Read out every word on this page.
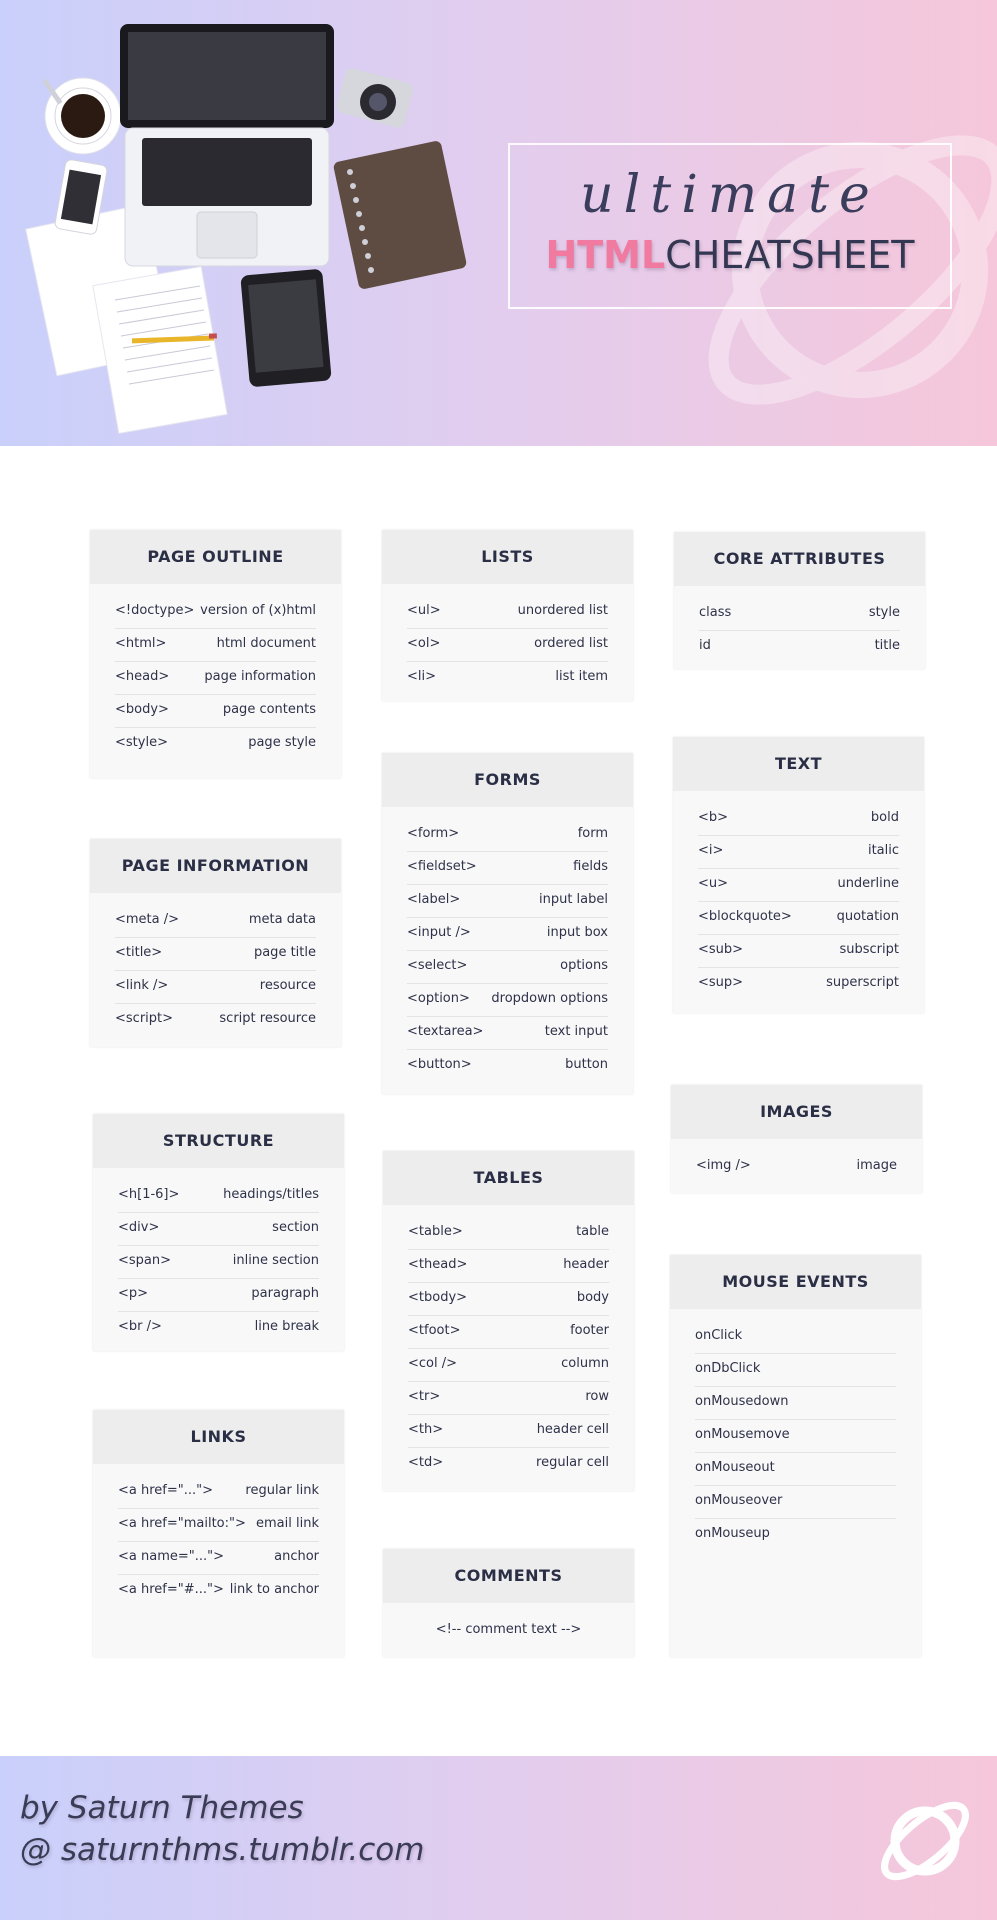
ultimate
HTMLCHEATSHEET
PAGE OUTLINE
<!doctype> version of (x)html
<html>	html document
<head>	page information
<body>	page contents
<style>	page style
PAGE INFORMATION
<meta />	meta data
<title>	page title
<link />	resource
<script>	script resource
STRUCTURE
<h[1-6]>	headings/titles
<div>	section
<span>	inline section
<p>	paragraph
<br />	line break
LINKS
<a href="..."> regular link
<a href="mailto:"> email link
<a name="...">	anchor
<a href="#..."> link to anchor
LISTS
<ul>	unordered list
<ol>	ordered list
<li>	list item
FORMS
<form>	form
<fieldset>	fields
<label>	input label
<input />	input box
<select>	options
<option> dropdown options
<textarea>	text input
<button>	button
TABLES
<table>	table
<thead>	header
<tbody>	body
<tfoot>	footer
<col />	column
<tr>	row
<th>	header cell
<td>	regular cell
COMMENTS
<!-- comment text -->
CORE ATTRIBUTES
class	style
id	title
TEXT
<b>	bold
<i>	italic
<u>	underline
<blockquote>	quotation
<sub>	subscript
<sup>	superscript
IMAGES
<img />	image
MOUSE EVENTS
onClick
onDbClick
onMousedown
onMousemove
onMouseout
onMouseover
onMouseup
by Saturn Themes
@ saturnthms.tumblr.com
